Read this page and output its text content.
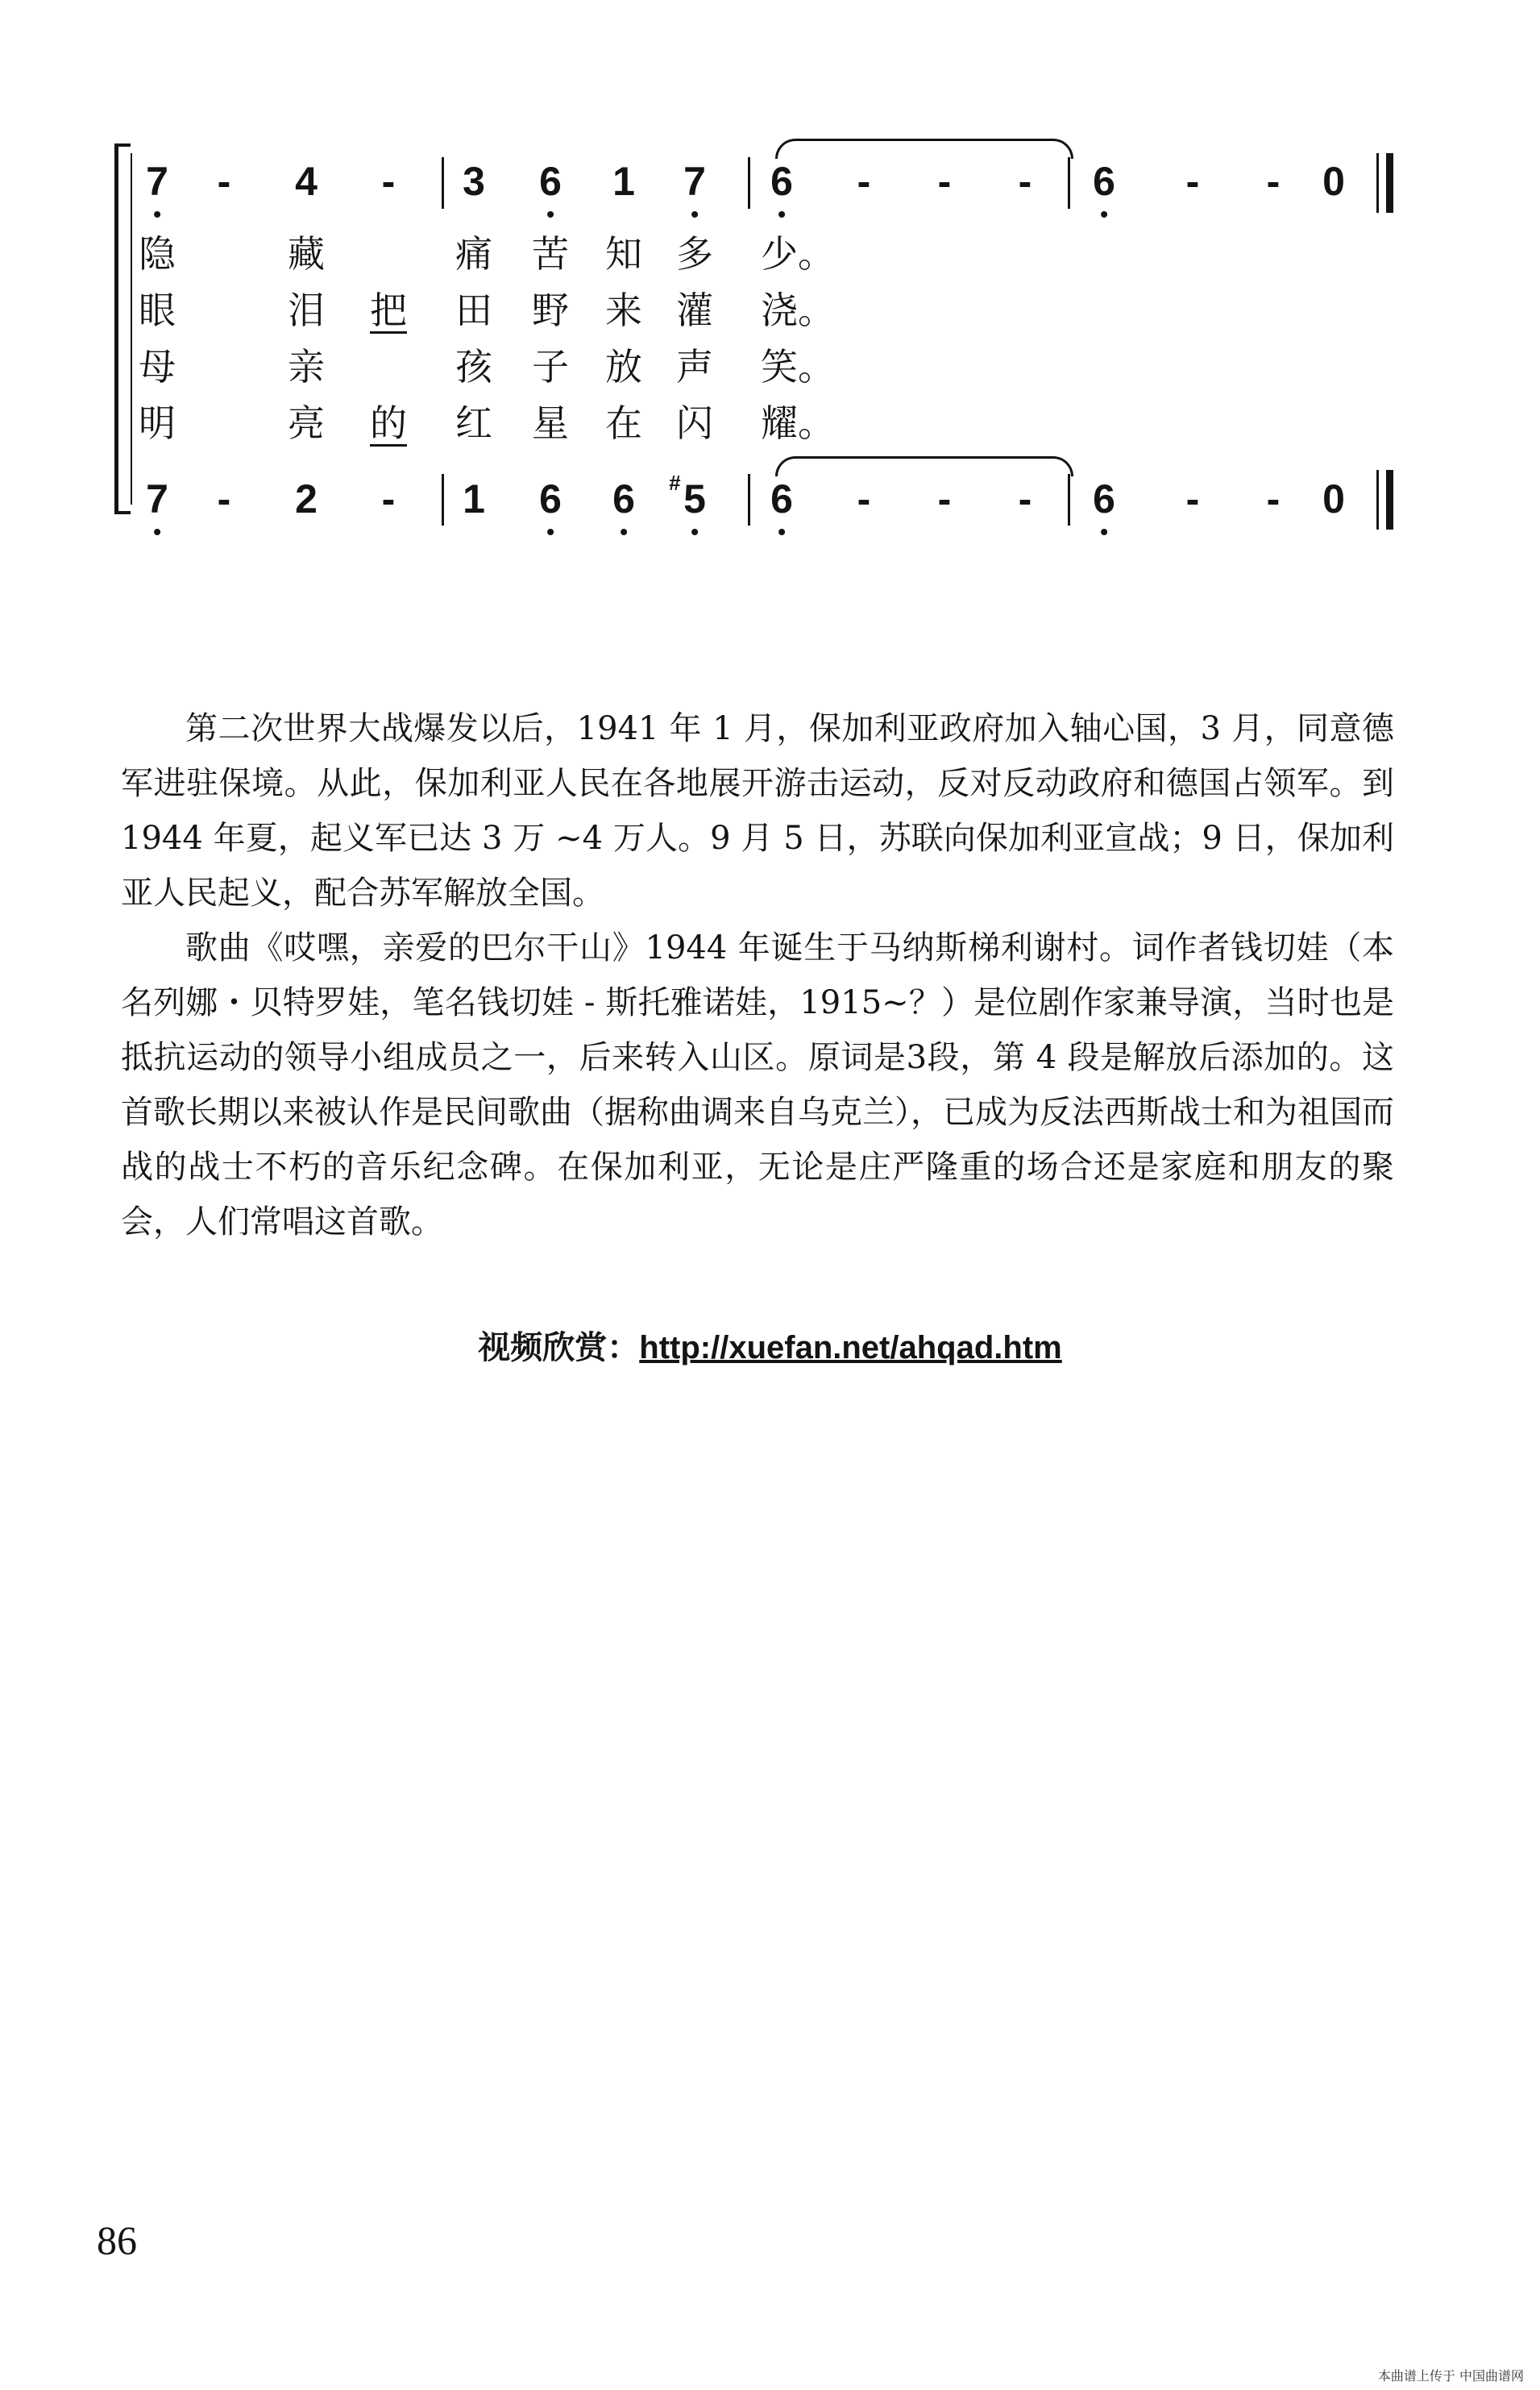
7 - 4 - 3 6 1 7 6 - - - 6 - - 0
7 - 2 - 1 6 6 5
# 6 - - - 6 - - 0
隐	藏	痛 苦 知 多 少。
眼	泪 把 田 野 来 灌 浇。
母	亲	孩 子 放 声 笑。
明	亮 的 红 星 在 闪 耀。

第二次世界大战爆发以后，1941 年 1 月，保加利亚政府加入轴心国，3 月，同意德军进驻保境。从此，保加利亚人民在各地展开游击运动，反对反动政府和德国占领军。到 1944 年夏，起义军已达 3 万 ~4 万人。9 月 5 日，苏联向保加利亚宣战；9 日，保加利亚人民起义，配合苏军解放全国。

歌曲《哎嘿，亲爱的巴尔干山》1944 年诞生于马纳斯梯利谢村。词作者钱切娃（本名列娜・贝特罗娃，笔名钱切娃 - 斯托雅诺娃，1915~？）是位剧作家兼导演，当时也是抵抗运动的领导小组成员之一，后来转入山区。原词是3段，第 4 段是解放后添加的。这首歌长期以来被认作是民间歌曲（据称曲调来自乌克兰），已成为反法西斯战士和为祖国而战的战士不朽的音乐纪念碑。在保加利亚，无论是庄严隆重的场合还是家庭和朋友的聚会，人们常唱这首歌。

视频欣赏：http://xuefan.net/ahqad.htm
86
本曲谱上传于 中国曲谱网
